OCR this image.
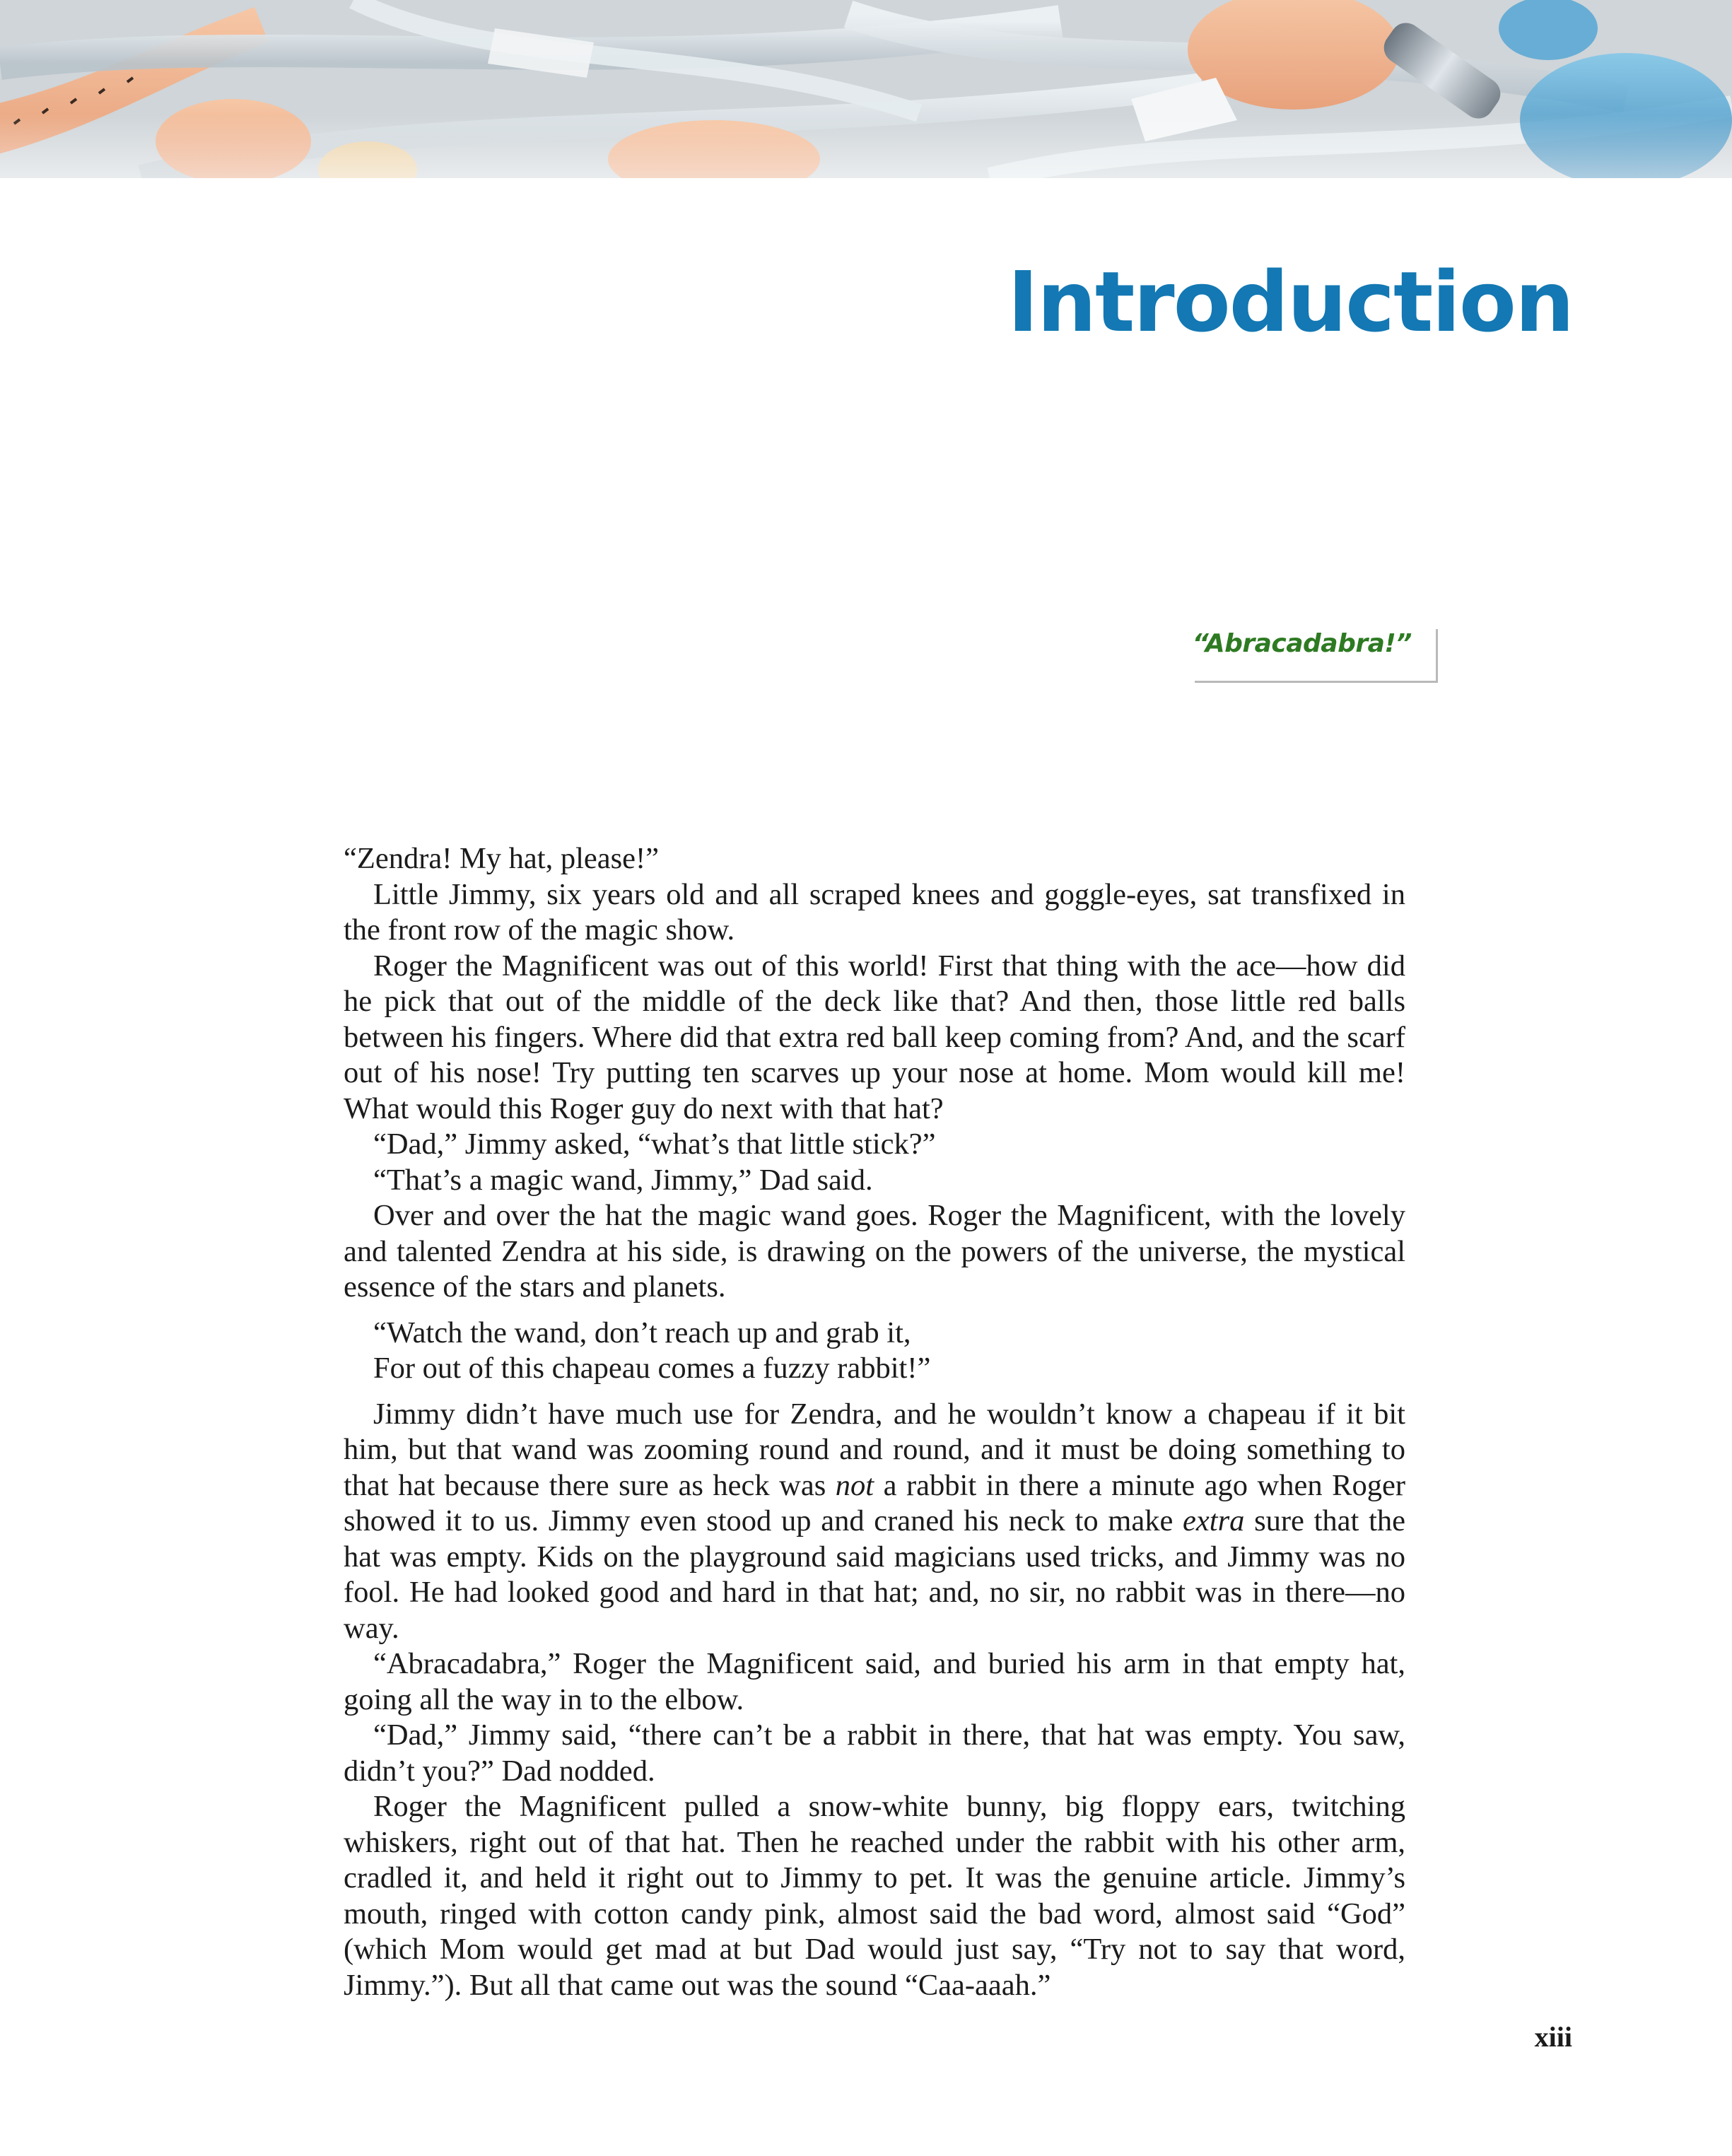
Introduction
“Abracadabra!”

“Zendra! My hat, please!”

Little Jimmy, six years old and all scraped knees and goggle-eyes, sat transfixed in the front row of the magic show.

Roger the Magnificent was out of this world! First that thing with the ace—how did he pick that out of the middle of the deck like that? And then, those little red balls between his fingers. Where did that extra red ball keep coming from? And, and the scarf out of his nose! Try putting ten scarves up your nose at home. Mom would kill me! What would this Roger guy do next with that hat?

“Dad,” Jimmy asked, “what’s that little stick?”

“That’s a magic wand, Jimmy,” Dad said.

Over and over the hat the magic wand goes. Roger the Magnificent, with the lovely and talented Zendra at his side, is drawing on the powers of the universe, the mystical essence of the stars and planets.

“Watch the wand, don’t reach up and grab it,
For out of this chapeau comes a fuzzy rabbit!”

Jimmy didn’t have much use for Zendra, and he wouldn’t know a chapeau if it bit him, but that wand was zooming round and round, and it must be doing something to that hat because there sure as heck was not a rabbit in there a minute ago when Roger showed it to us. Jimmy even stood up and craned his neck to make extra sure that the hat was empty. Kids on the playground said magicians used tricks, and Jimmy was no fool. He had looked good and hard in that hat; and, no sir, no rabbit was in there—no way.

“Abracadabra,” Roger the Magnificent said, and buried his arm in that empty hat, going all the way in to the elbow.

“Dad,” Jimmy said, “there can’t be a rabbit in there, that hat was empty. You saw, didn’t you?” Dad nodded.

Roger the Magnificent pulled a snow-white bunny, big floppy ears, twitching whiskers, right out of that hat. Then he reached under the rabbit with his other arm, cradled it, and held it right out to Jimmy to pet. It was the genuine article. Jimmy’s mouth, ringed with cotton candy pink, almost said the bad word, almost said “God” (which Mom would get mad at but Dad would just say, “Try not to say that word, Jimmy.”). But all that came out was the sound “Caa-aaah.”

xiii
